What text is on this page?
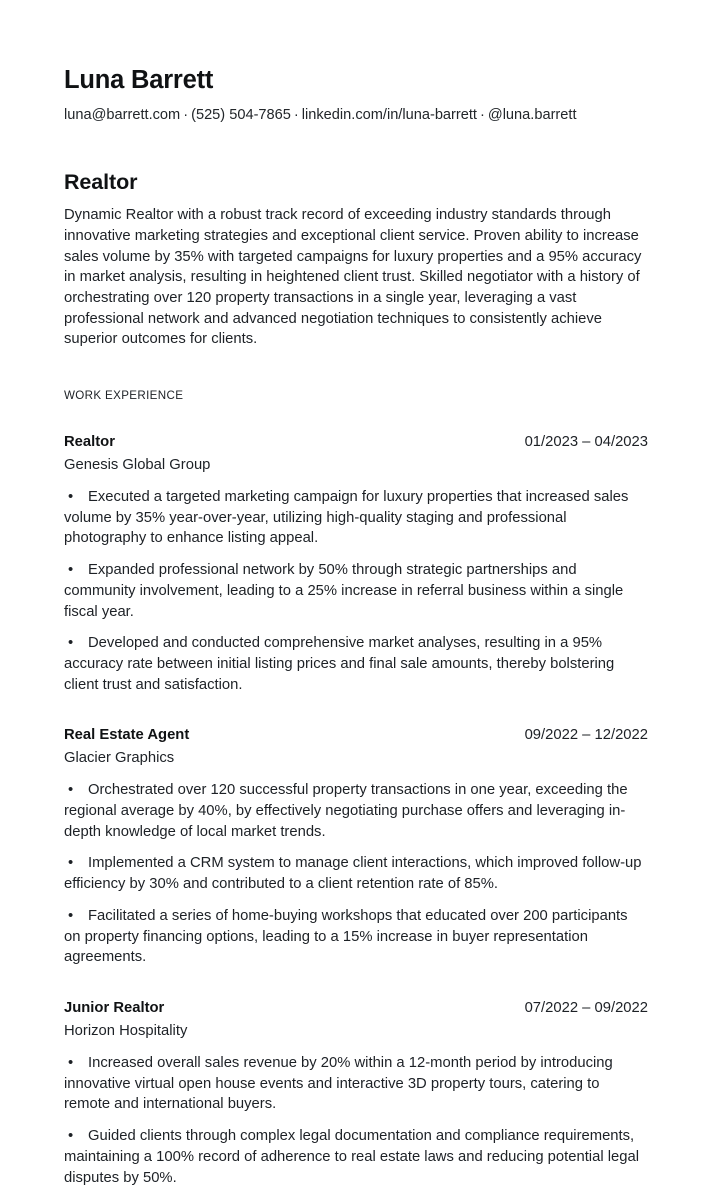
Luna Barrett

luna@barrett.com · (525) 504-7865 · linkedin.com/in/luna-barrett · @luna.barrett

Realtor

Dynamic Realtor with a robust track record of exceeding industry standards through innovative marketing strategies and exceptional client service. Proven ability to increase sales volume by 35% with targeted campaigns for luxury properties and a 95% accuracy in market analysis, resulting in heightened client trust. Skilled negotiator with a history of orchestrating over 120 property transactions in a single year, leveraging a vast professional network and advanced negotiation techniques to consistently achieve superior outcomes for clients.

WORK EXPERIENCE
Realtor	01/2023 – 04/2023
Genesis Global Group
• Executed a targeted marketing campaign for luxury properties that increased sales volume by 35% year-over-year, utilizing high-quality staging and professional photography to enhance listing appeal.
• Expanded professional network by 50% through strategic partnerships and community involvement, leading to a 25% increase in referral business within a single fiscal year.
• Developed and conducted comprehensive market analyses, resulting in a 95% accuracy rate between initial listing prices and final sale amounts, thereby bolstering client trust and satisfaction.
Real Estate Agent	09/2022 – 12/2022
Glacier Graphics
• Orchestrated over 120 successful property transactions in one year, exceeding the regional average by 40%, by effectively negotiating purchase offers and leveraging in-depth knowledge of local market trends.
• Implemented a CRM system to manage client interactions, which improved follow-up efficiency by 30% and contributed to a client retention rate of 85%.
• Facilitated a series of home-buying workshops that educated over 200 participants on property financing options, leading to a 15% increase in buyer representation agreements.
Junior Realtor	07/2022 – 09/2022
Horizon Hospitality
• Increased overall sales revenue by 20% within a 12-month period by introducing innovative virtual open house events and interactive 3D property tours, catering to remote and international buyers.
• Guided clients through complex legal documentation and compliance requirements, maintaining a 100% record of adherence to real estate laws and reducing potential legal disputes by 50%.
